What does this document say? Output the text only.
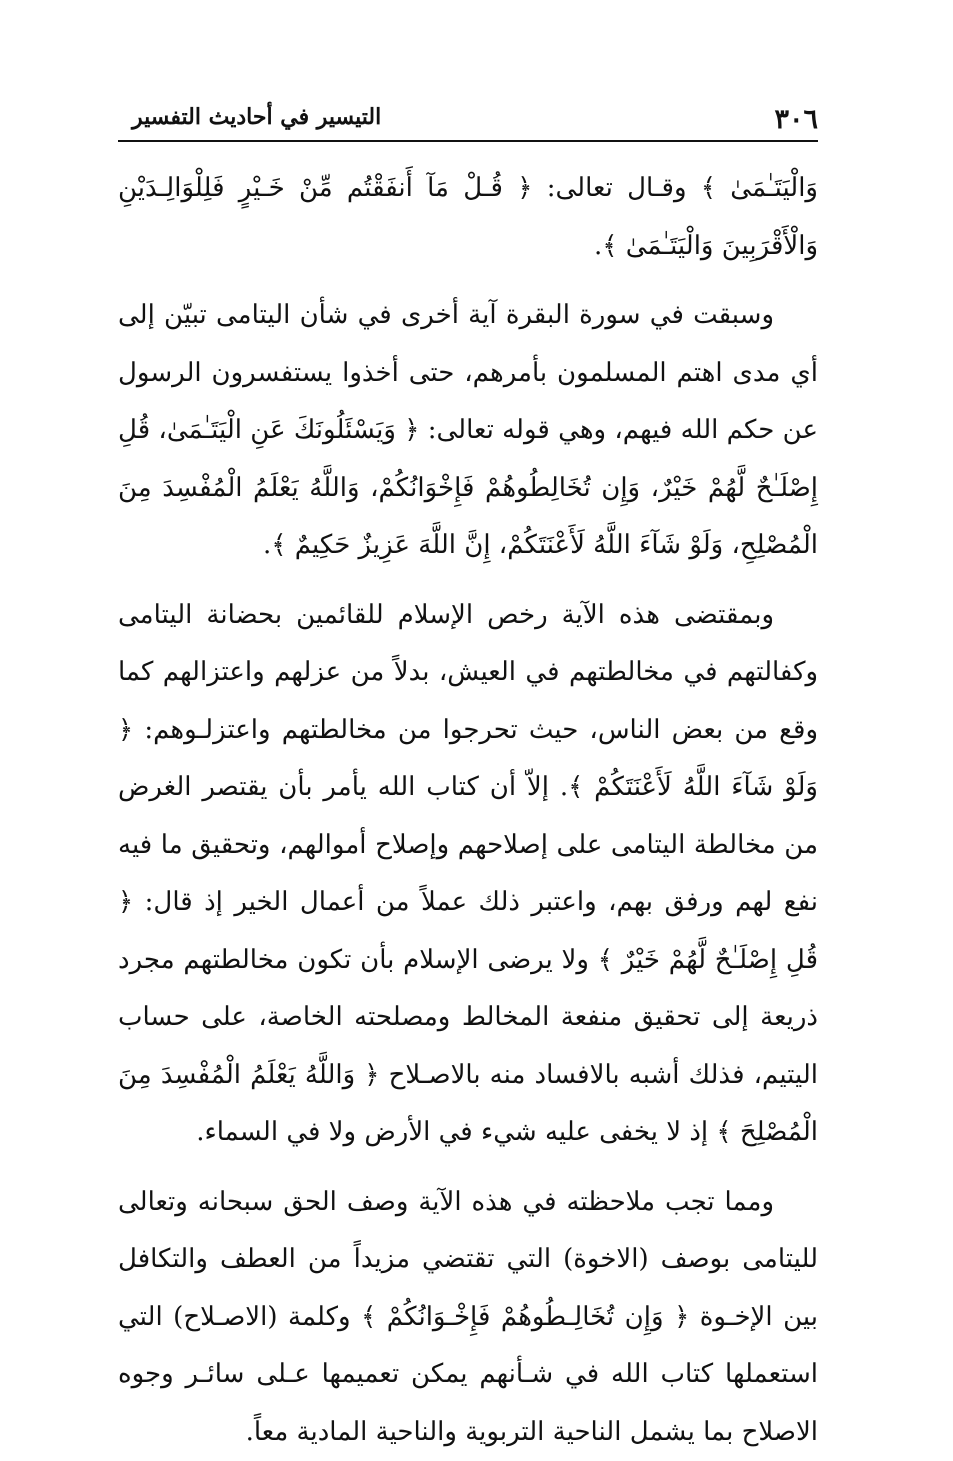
٣٠٦
التيسير في أحاديث التفسير

وَالْيَتَـٰمَىٰ ﴾ وقـال تعالى: ﴿ قُـلْ مَآ أَنفَقْتُم مِّنْ خَـيْرٍ فَلِلْوَالِـدَيْنِ وَالْأَقْرَبِينَ وَالْيَتَـٰمَىٰ ﴾.

وسبقت في سورة البقرة آية أخرى في شأن اليتامى تبيّن إلى أي مدى اهتم المسلمون بأمرهم، حتى أخذوا يستفسرون الرسول عن حكم الله فيهم، وهي قوله تعالى: ﴿ وَيَسْئَلُونَكَ عَنِ الْيَتَـٰمَىٰ، قُلِ إِصْلَـٰحٌ لَّهُمْ خَيْرٌ، وَإِن تُخَالِطُوهُمْ فَإِخْوَانُكُمْ، وَاللَّهُ يَعْلَمُ الْمُفْسِدَ مِنَ الْمُصْلِحِ، وَلَوْ شَآءَ اللَّهُ لَأَعْنَتَكُمْ، إِنَّ اللَّهَ عَزِيزٌ حَكِيمٌ ﴾.

وبمقتضى هذه الآية رخص الإسلام للقائمين بحضانة اليتامى وكفالتهم في مخالطتهم في العيش، بدلاً من عزلهم واعتزالهم كما وقع من بعض الناس، حيث تحرجوا من مخالطتهم واعتزلـوهم: ﴿ وَلَوْ شَآءَ اللَّهُ لَأَعْنَتَكُمْ ﴾. إلاّ أن كتاب الله يأمر بأن يقتصر الغرض من مخالطة اليتامى على إصلاحهم وإصلاح أموالهم، وتحقيق ما فيه نفع لهم ورفق بهم، واعتبر ذلك عملاً من أعمال الخير إذ قال: ﴿ قُلِ إِصْلَـٰحٌ لَّهُمْ خَيْرٌ ﴾ ولا يرضى الإسلام بأن تكون مخالطتهم مجرد ذريعة إلى تحقيق منفعة المخالط ومصلحته الخاصة، على حساب اليتيم، فذلك أشبه بالافساد منه بالاصـلاح ﴿ وَاللَّهُ يَعْلَمُ الْمُفْسِدَ مِنَ الْمُصْلِحَ ﴾ إذ لا يخفى عليه شيء في الأرض ولا في السماء.

ومما تجب ملاحظته في هذه الآية وصف الحق سبحانه وتعالى لليتامى بوصف (الاخوة) التي تقتضي مزيداً من العطف والتكافل بين الإخـوة ﴿ وَإِن تُخَالِـطُوهُمْ فَإِخْـوَانُكُمْ ﴾ وكلمة (الاصـلاح) التي استعملها كتاب الله في شـأنهم يمكن تعميمها عـلى سائـر وجوه الاصلاح بما يشمل الناحية التربوية والناحية المادية معاً.
